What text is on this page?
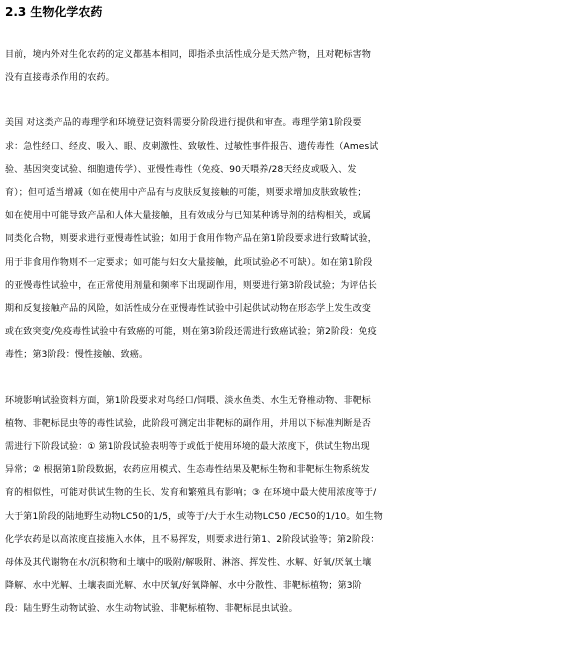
2.3 生物化学农药
目前，境内外对生化农药的定义都基本相同，即指杀虫活性成分是天然产物，且对靶标害物
没有直接毒杀作用的农药。
美国 对这类产品的毒理学和环境登记资料需要分阶段进行提供和审查。毒理学第1阶段要
求：急性经口、经皮、吸入、眼、皮刺激性、致敏性、过敏性事件报告、遗传毒性（Ames试
验、基因突变试验、细胞遗传学）、亚慢性毒性（免疫、90天喂养/28天经皮或吸入、发
育）；但可适当增减（如在使用中产品有与皮肤反复接触的可能，则要求增加皮肤致敏性；
如在使用中可能导致产品和人体大量接触，且有效成分与已知某种诱导剂的结构相关，或属
同类化合物，则要求进行亚慢毒性试验；如用于食用作物产品在第1阶段要求进行致畸试验，
用于非食用作物则不一定要求；如可能与妇女大量接触，此项试验必不可缺）。如在第1阶段
的亚慢毒性试验中，在正常使用剂量和频率下出现副作用，则要进行第3阶段试验；为评估长
期和反复接触产品的风险，如活性成分在亚慢毒性试验中引起供试动物在形态学上发生改变
或在致突变/免疫毒性试验中有致癌的可能，则在第3阶段还需进行致癌试验；第2阶段：免疫
毒性；第3阶段：慢性接触、致癌。
环境影响试验资料方面，第1阶段要求对鸟经口/饲喂、淡水鱼类、水生无脊椎动物、非靶标
植物、非靶标昆虫等的毒性试验，此阶段可测定出非靶标的副作用，并用以下标准判断是否
需进行下阶段试验：① 第1阶段试验表明等于或低于使用环境的最大浓度下，供试生物出现
异常；② 根据第1阶段数据，农药应用模式、生态毒性结果及靶标生物和非靶标生物系统发
育的相似性，可能对供试生物的生长、发育和繁殖具有影响；③ 在环境中最大使用浓度等于/
大于第1阶段的陆地野生动物LC50的1/5，或等于/大于水生动物LC50 /EC50的1/10。如生物
化学农药是以高浓度直接施入水体，且不易挥发，则要求进行第1、2阶段试验等；第2阶段：
母体及其代谢物在水/沉积物和土壤中的吸附/解吸附、淋溶、挥发性、水解、好氧/厌氧土壤
降解、水中光解、土壤表面光解、水中厌氧/好氧降解、水中分散性、非靶标植物；第3阶
段：陆生野生动物试验、水生动物试验、非靶标植物、非靶标昆虫试验。
